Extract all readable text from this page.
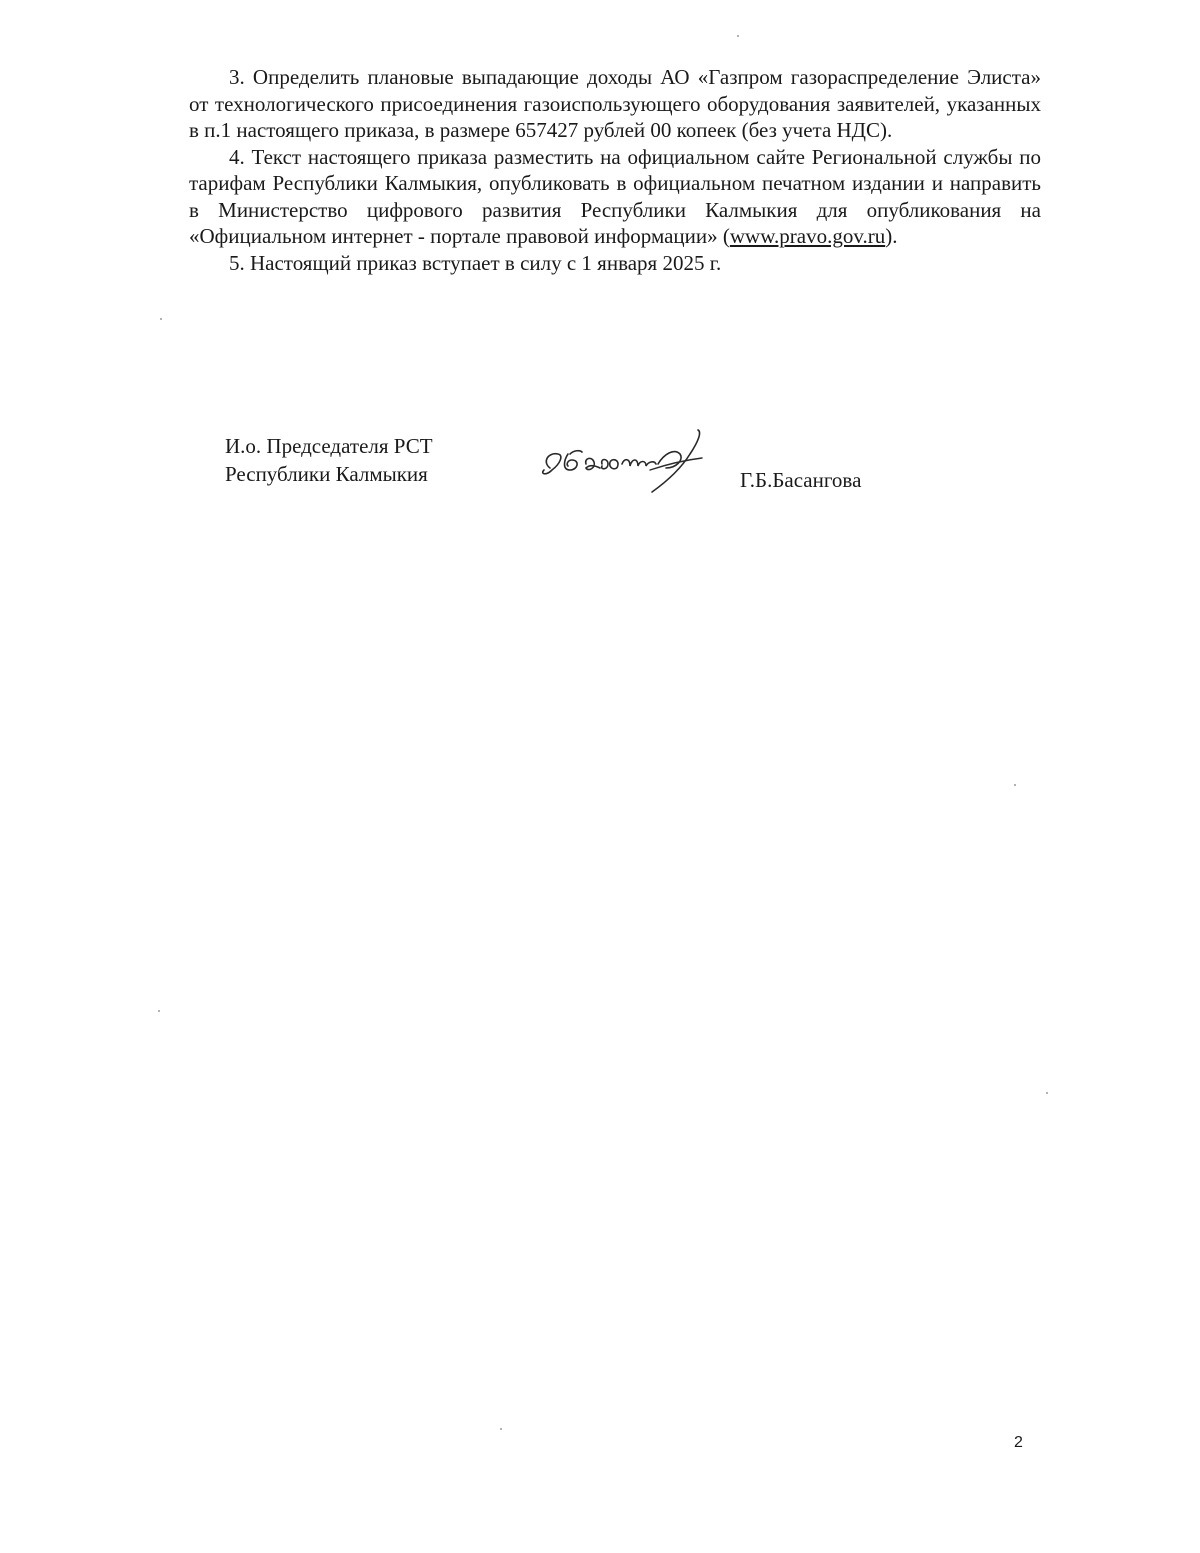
3. Определить плановые выпадающие доходы АО «Газпром газораспределение Элиста» от технологического присоединения газоиспользующего оборудования заявителей, указанных в п.1 настоящего приказа, в размере 657427 рублей 00 копеек (без учета НДС).

4. Текст настоящего приказа разместить на официальном сайте Региональной службы по тарифам Республики Калмыкия, опубликовать в официальном печатном издании и направить в Министерство цифрового развития Республики Калмыкия для опубликования на «Официальном интернет - портале правовой информации» (www.pravo.gov.ru).

5. Настоящий приказ вступает в силу с 1 января 2025 г.

И.о. Председателя РСТ
Республики Калмыкия	Г.Б.Басангова
2
